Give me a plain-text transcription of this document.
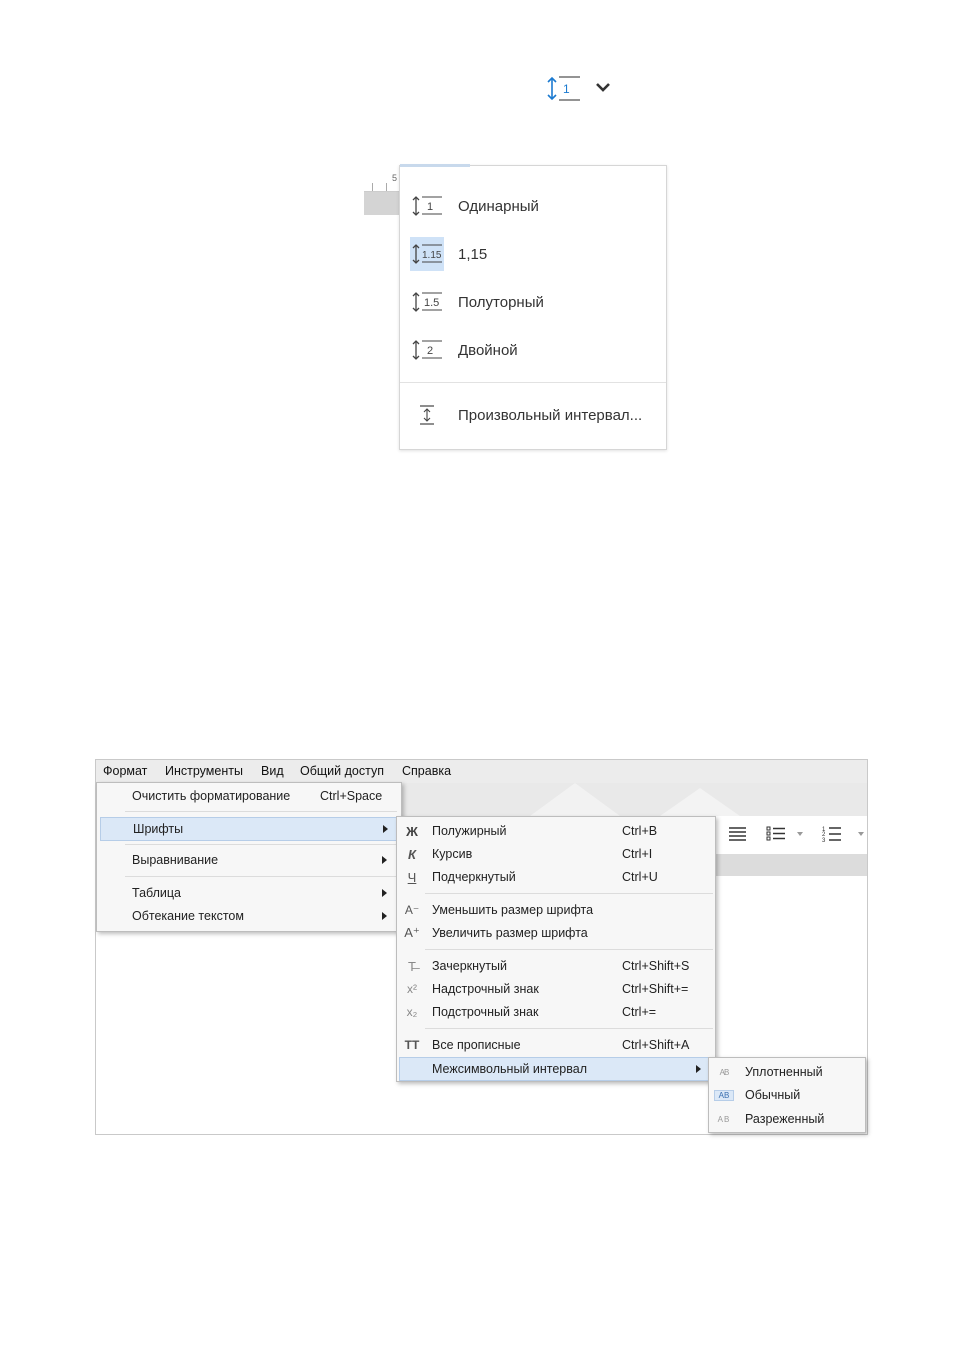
1
5
1 Одинарный
1.15 1,15
1.5 Полуторный
2 Двойной
Произвольный интервал...
Формат Инструменты Вид Общий доступ Справка
1
2
3
Очистить форматирование Ctrl+Space
Шрифты
Выравнивание
Таблица
Обтекание текстом
Ж	Полужирный	Ctrl+B
К	Курсив	Ctrl+I
Ч	Подчеркнутый	Ctrl+U
A⁻	Уменьшить размер шрифта
A⁺ Увеличить размер шрифта
T̶	Зачеркнутый	Ctrl+Shift+S
x²	Надстрочный знак	Ctrl+Shift+=
x₂	Подстрочный знак	Ctrl+=
TT Все прописные	Ctrl+Shift+A
Межсимвольный интервал	AB	Уплотненный
AB	Обычный
AB	Разреженный
